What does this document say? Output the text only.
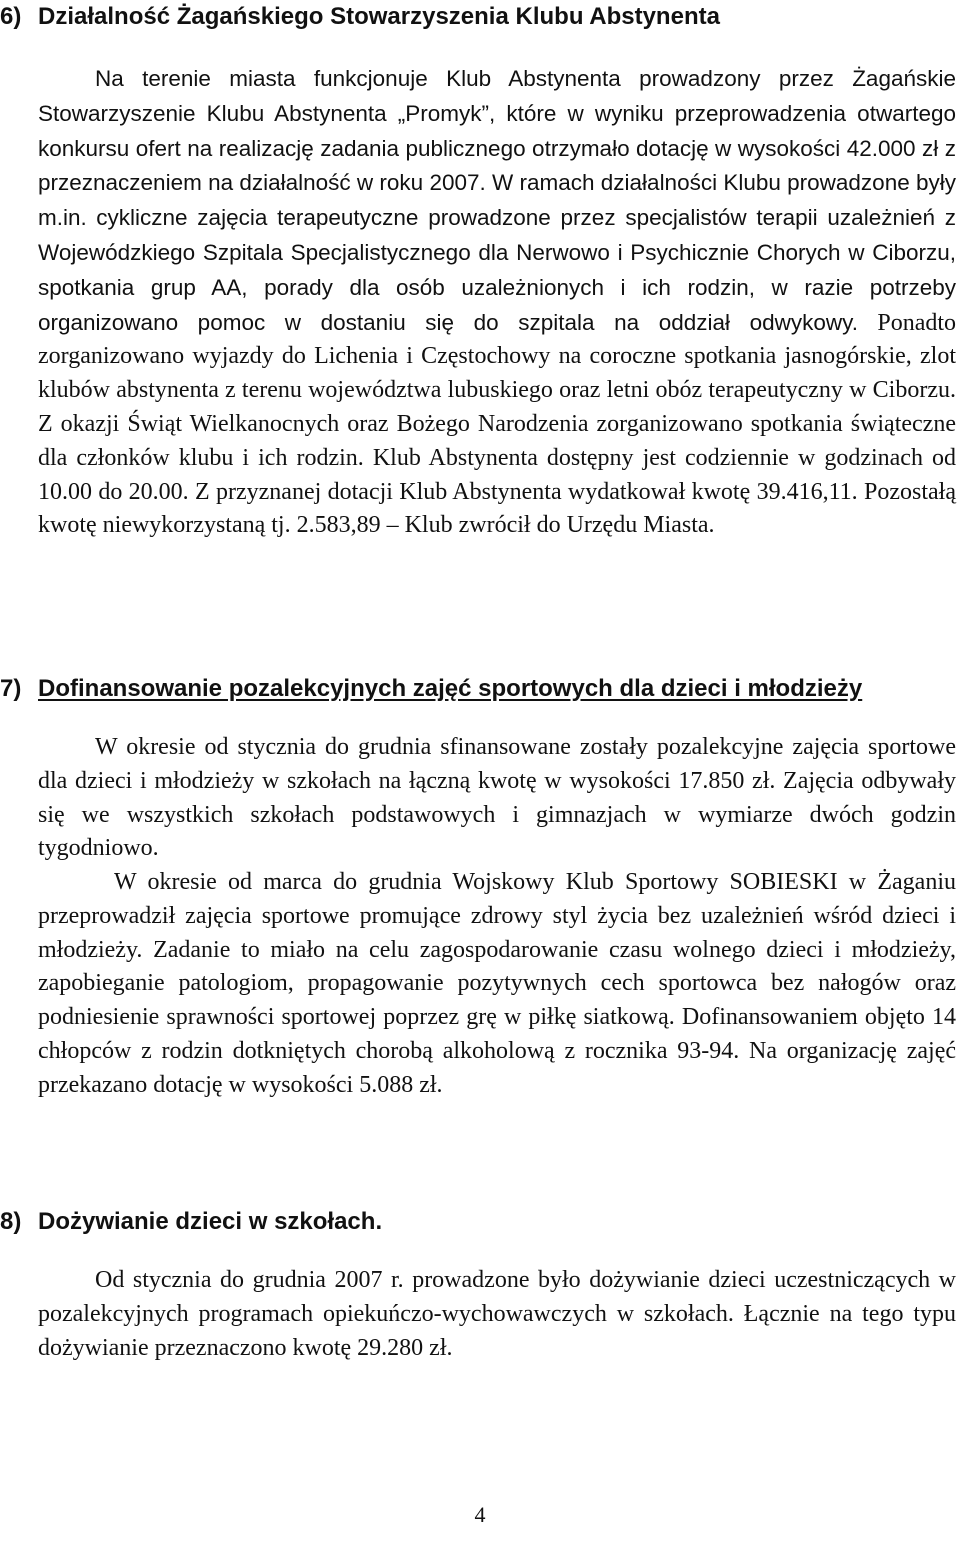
6) Działalność Żagańskiego Stowarzyszenia Klubu Abstynenta

Na terenie miasta funkcjonuje Klub Abstynenta prowadzony przez Żagańskie Stowarzyszenie Klubu Abstynenta „Promyk”, które w wyniku przeprowadzenia otwartego konkursu ofert na realizację zadania publicznego otrzymało dotację w wysokości 42.000 zł z przeznaczeniem na działalność w roku 2007. W ramach działalności Klubu prowadzone były m.in. cykliczne zajęcia terapeutyczne prowadzone przez specjalistów terapii uzależnień z Wojewódzkiego Szpitala Specjalistycznego dla Nerwowo i Psychicznie Chorych w Ciborzu, spotkania grup AA, porady dla osób uzależnionych i ich rodzin, w razie potrzeby organizowano pomoc w dostaniu się do szpitala na oddział odwykowy. Ponadto zorganizowano wyjazdy do Lichenia i Częstochowy na coroczne spotkania jasnogórskie, zlot klubów abstynenta z terenu województwa lubuskiego oraz letni obóz terapeutyczny w Ciborzu. Z okazji Świąt Wielkanocnych oraz Bożego Narodzenia zorganizowano spotkania świąteczne dla członków klubu i ich rodzin. Klub Abstynenta dostępny jest codziennie w godzinach od 10.00 do 20.00. Z przyznanej dotacji Klub Abstynenta wydatkował kwotę 39.416,11. Pozostałą kwotę niewykorzystaną tj. 2.583,89 – Klub zwrócił do Urzędu Miasta.

7) Dofinansowanie pozalekcyjnych zajęć sportowych dla dzieci i młodzieży

W okresie od stycznia do grudnia sfinansowane zostały pozalekcyjne zajęcia sportowe dla dzieci i młodzieży w szkołach na łączną kwotę w wysokości 17.850 zł. Zajęcia odbywały się we wszystkich szkołach podstawowych i gimnazjach w wymiarze dwóch godzin tygodniowo.

W okresie od marca do grudnia Wojskowy Klub Sportowy SOBIESKI w Żaganiu przeprowadził zajęcia sportowe promujące zdrowy styl życia bez uzależnień wśród dzieci i młodzieży. Zadanie to miało na celu zagospodarowanie czasu wolnego dzieci i młodzieży, zapobieganie patologiom, propagowanie pozytywnych cech sportowca bez nałogów oraz podniesienie sprawności sportowej poprzez grę w piłkę siatkową. Dofinansowaniem objęto 14 chłopców z rodzin dotkniętych chorobą alkoholową z rocznika 93-94. Na organizację zajęć przekazano dotację w wysokości 5.088 zł.

8) Dożywianie dzieci w szkołach.

Od stycznia do grudnia 2007 r. prowadzone było dożywianie dzieci uczestniczących w pozalekcyjnych programach opiekuńczo-wychowawczych w szkołach. Łącznie na tego typu dożywianie przeznaczono kwotę 29.280 zł.

4
